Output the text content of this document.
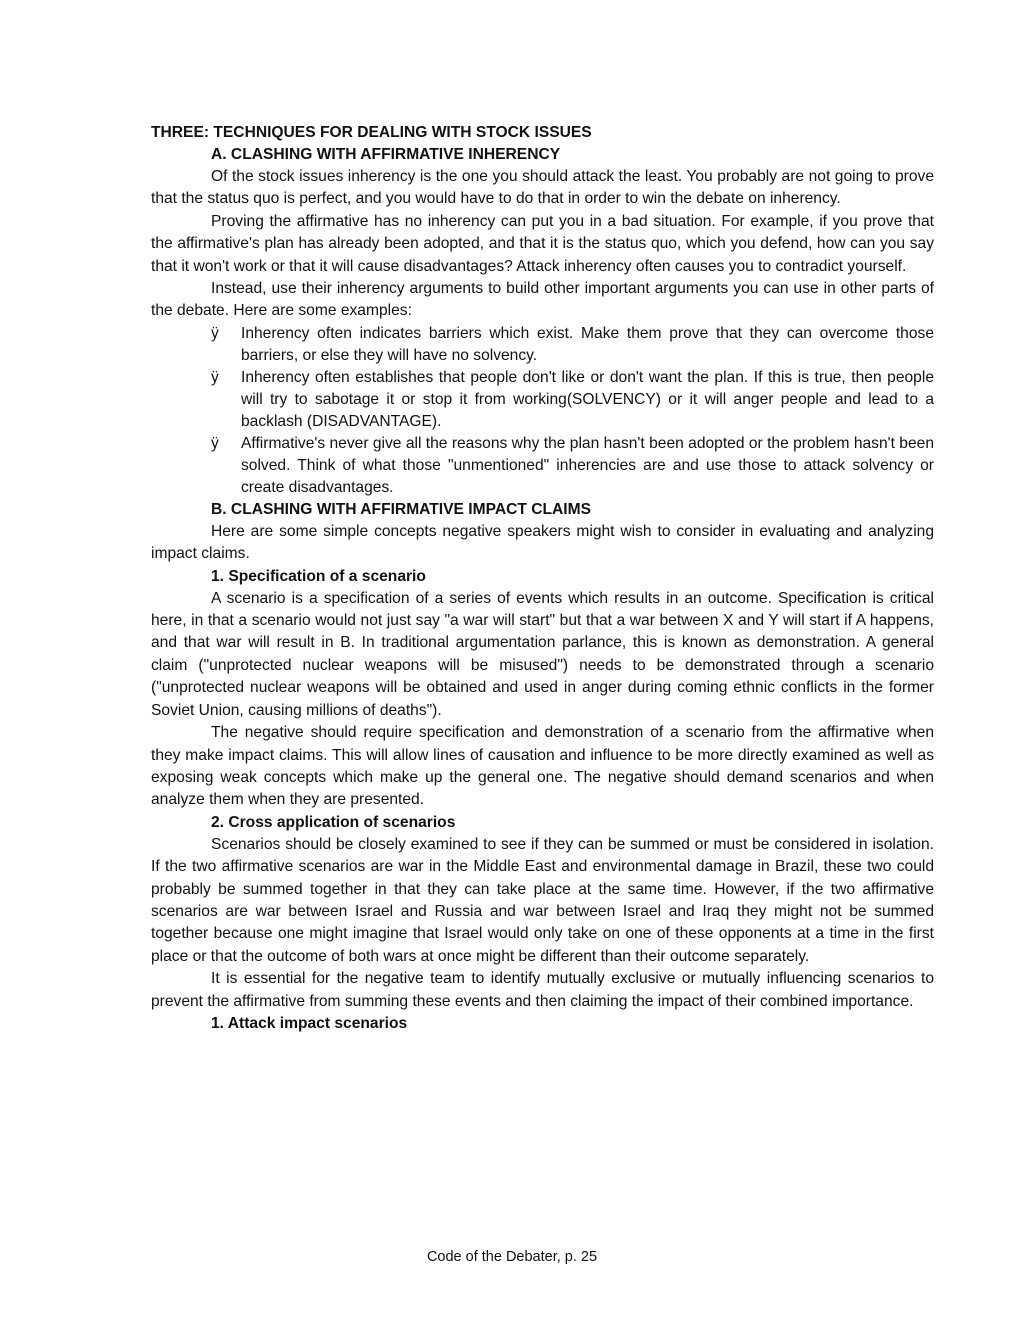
THREE: TECHNIQUES FOR DEALING WITH STOCK ISSUES

A. CLASHING WITH AFFIRMATIVE INHERENCY

Of the stock issues inherency is the one you should attack the least. You probably are not going to prove that the status quo is perfect, and you would have to do that in order to win the debate on inherency.

Proving the affirmative has no inherency can put you in a bad situation. For example, if you prove that the affirmative's plan has already been adopted, and that it is the status quo, which you defend, how can you say that it won't work or that it will cause disadvantages? Attack inherency often causes you to contradict yourself.

Instead, use their inherency arguments to build other important arguments you can use in other parts of the debate. Here are some examples:

ÿ	Inherency often indicates barriers which exist. Make them prove that they can overcome those barriers, or else they will have no solvency.
ÿ	Inherency often establishes that people don't like or don't want the plan. If this is true, then people will try to sabotage it or stop it from working(SOLVENCY) or it will anger people and lead to a backlash (DISADVANTAGE).
ÿ	Affirmative's never give all the reasons why the plan hasn't been adopted or the problem hasn't been solved. Think of what those "unmentioned" inherencies are and use those to attack solvency or create disadvantages.

B. CLASHING WITH AFFIRMATIVE IMPACT CLAIMS

Here are some simple concepts negative speakers might wish to consider in evaluating and analyzing impact claims.

1. Specification of a scenario

A scenario is a specification of a series of events which results in an outcome. Specification is critical here, in that a scenario would not just say "a war will start" but that a war between X and Y will start if A happens, and that war will result in B. In traditional argumentation parlance, this is known as demonstration. A general claim ("unprotected nuclear weapons will be misused") needs to be demonstrated through a scenario ("unprotected nuclear weapons will be obtained and used in anger during coming ethnic conflicts in the former Soviet Union, causing millions of deaths").

The negative should require specification and demonstration of a scenario from the affirmative when they make impact claims. This will allow lines of causation and influence to be more directly examined as well as exposing weak concepts which make up the general one. The negative should demand scenarios and when analyze them when they are presented.

2. Cross application of scenarios

Scenarios should be closely examined to see if they can be summed or must be considered in isolation. If the two affirmative scenarios are war in the Middle East and environmental damage in Brazil, these two could probably be summed together in that they can take place at the same time. However, if the two affirmative scenarios are war between Israel and Russia and war between Israel and Iraq they might not be summed together because one might imagine that Israel would only take on one of these opponents at a time in the first place or that the outcome of both wars at once might be different than their outcome separately.

It is essential for the negative team to identify mutually exclusive or mutually influencing scenarios to prevent the affirmative from summing these events and then claiming the impact of their combined importance.

1. Attack impact scenarios

Code of the Debater, p. 25
